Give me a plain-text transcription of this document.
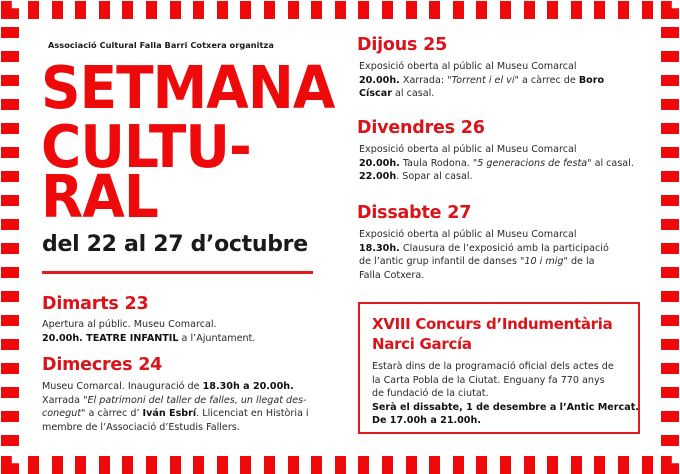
Associació Cultural Falla Barri Cotxera organitza
SETMANA
CULTU-
RAL
del 22 al 27 d’octubre
Dimarts 23
Apertura al públic. Museu Comarcal.
20.00h. TEATRE INFANTIL a l’Ajuntament.
Dimecres 24
Museu Comarcal. Inauguració de 18.30h a 20.00h.
Xarrada "El patrimoni del taller de falles, un llegat des-
conegut" a càrrec d’ Iván Esbrí. Llicenciat en Història i
membre de l’Associació d’Estudis Fallers.
Dijous 25
Exposició oberta al públic al Museu Comarcal
20.00h. Xarrada: "Torrent i el vi" a càrrec de Boro
Císcar al casal.
Divendres 26
Exposició oberta al públic al Museu Comarcal
20.00h. Taula Rodona. "5 generacions de festa" al casal.
22.00h. Sopar al casal.
Dissabte 27
Exposició oberta al públic al Museu Comarcal
18.30h. Clausura de l’exposició amb la participació
de l’antic grup infantil de danses "10 i mig" de la
Falla Cotxera.
XVIII Concurs d’Indumentària
Narci García
Estarà dins de la programació oficial dels actes de
la Carta Pobla de la Ciutat. Enguany fa 770 anys
de fundació de la ciutat.
Serà el dissabte, 1 de desembre a l’Antic Mercat.
De 17.00h a 21.00h.
